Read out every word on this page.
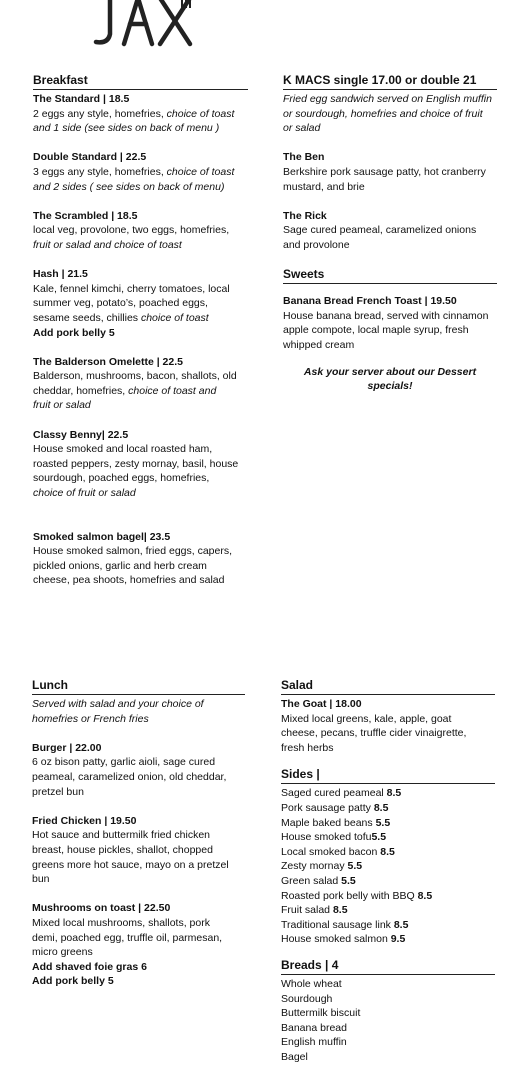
Breakfast
The Standard | 18.5
2 eggs any style, homefries, choice of toast
and 1 side (see sides on back of menu )
Double Standard | 22.5
3 eggs any style, homefries, choice of toast
and 2 sides ( see sides on back of menu)
The Scrambled | 18.5
local veg, provolone, two eggs, homefries,
fruit or salad and choice of toast
Hash | 21.5
Kale, fennel kimchi, cherry tomatoes, local
summer veg, potato’s, poached eggs,
sesame seeds, chillies choice of toast
Add pork belly 5
The Balderson Omelette | 22.5
Balderson, mushrooms, bacon, shallots, old
cheddar, homefries, choice of toast and
fruit or salad
Classy Benny| 22.5
House smoked and local roasted ham,
roasted peppers, zesty mornay, basil, house
sourdough, poached eggs, homefries,
choice of fruit or salad
Smoked salmon bagel| 23.5
House smoked salmon, fried eggs, capers,
pickled onions, garlic and herb cream
cheese, pea shoots, homefries and salad
K MACS single 17.00 or double 21
Fried egg sandwich served on English muffin
or sourdough, homefries and choice of fruit
or salad
The Ben
Berkshire pork sausage patty, hot cranberry
mustard, and brie
The Rick
Sage cured peameal, caramelized onions
and provolone
Sweets
Banana Bread French Toast | 19.50
House banana bread, served with cinnamon
apple compote, local maple syrup, fresh
whipped cream
Ask your server about our Dessert
specials!
Lunch
Served with salad and your choice of
homefries or French fries
Burger | 22.00
6 oz bison patty, garlic aioli, sage cured
peameal, caramelized onion, old cheddar,
pretzel bun
Fried Chicken | 19.50
Hot sauce and buttermilk fried chicken
breast, house pickles, shallot, chopped
greens more hot sauce, mayo on a pretzel
bun
Mushrooms on toast | 22.50
Mixed local mushrooms, shallots, pork
demi, poached egg, truffle oil, parmesan,
micro greens
Add shaved foie gras 6
Add pork belly 5
Salad
The Goat | 18.00
Mixed local greens, kale, apple, goat
cheese, pecans, truffle cider vinaigrette,
fresh herbs
Sides |
Saged cured peameal 8.5
Pork sausage patty 8.5
Maple baked beans 5.5
House smoked tofu5.5
Local smoked bacon 8.5
Zesty mornay 5.5
Green salad 5.5
Roasted pork belly with BBQ 8.5
Fruit salad 8.5
Traditional sausage link 8.5
House smoked salmon 9.5
Breads | 4
Whole wheat
Sourdough
Buttermilk biscuit
Banana bread
English muffin
Bagel
